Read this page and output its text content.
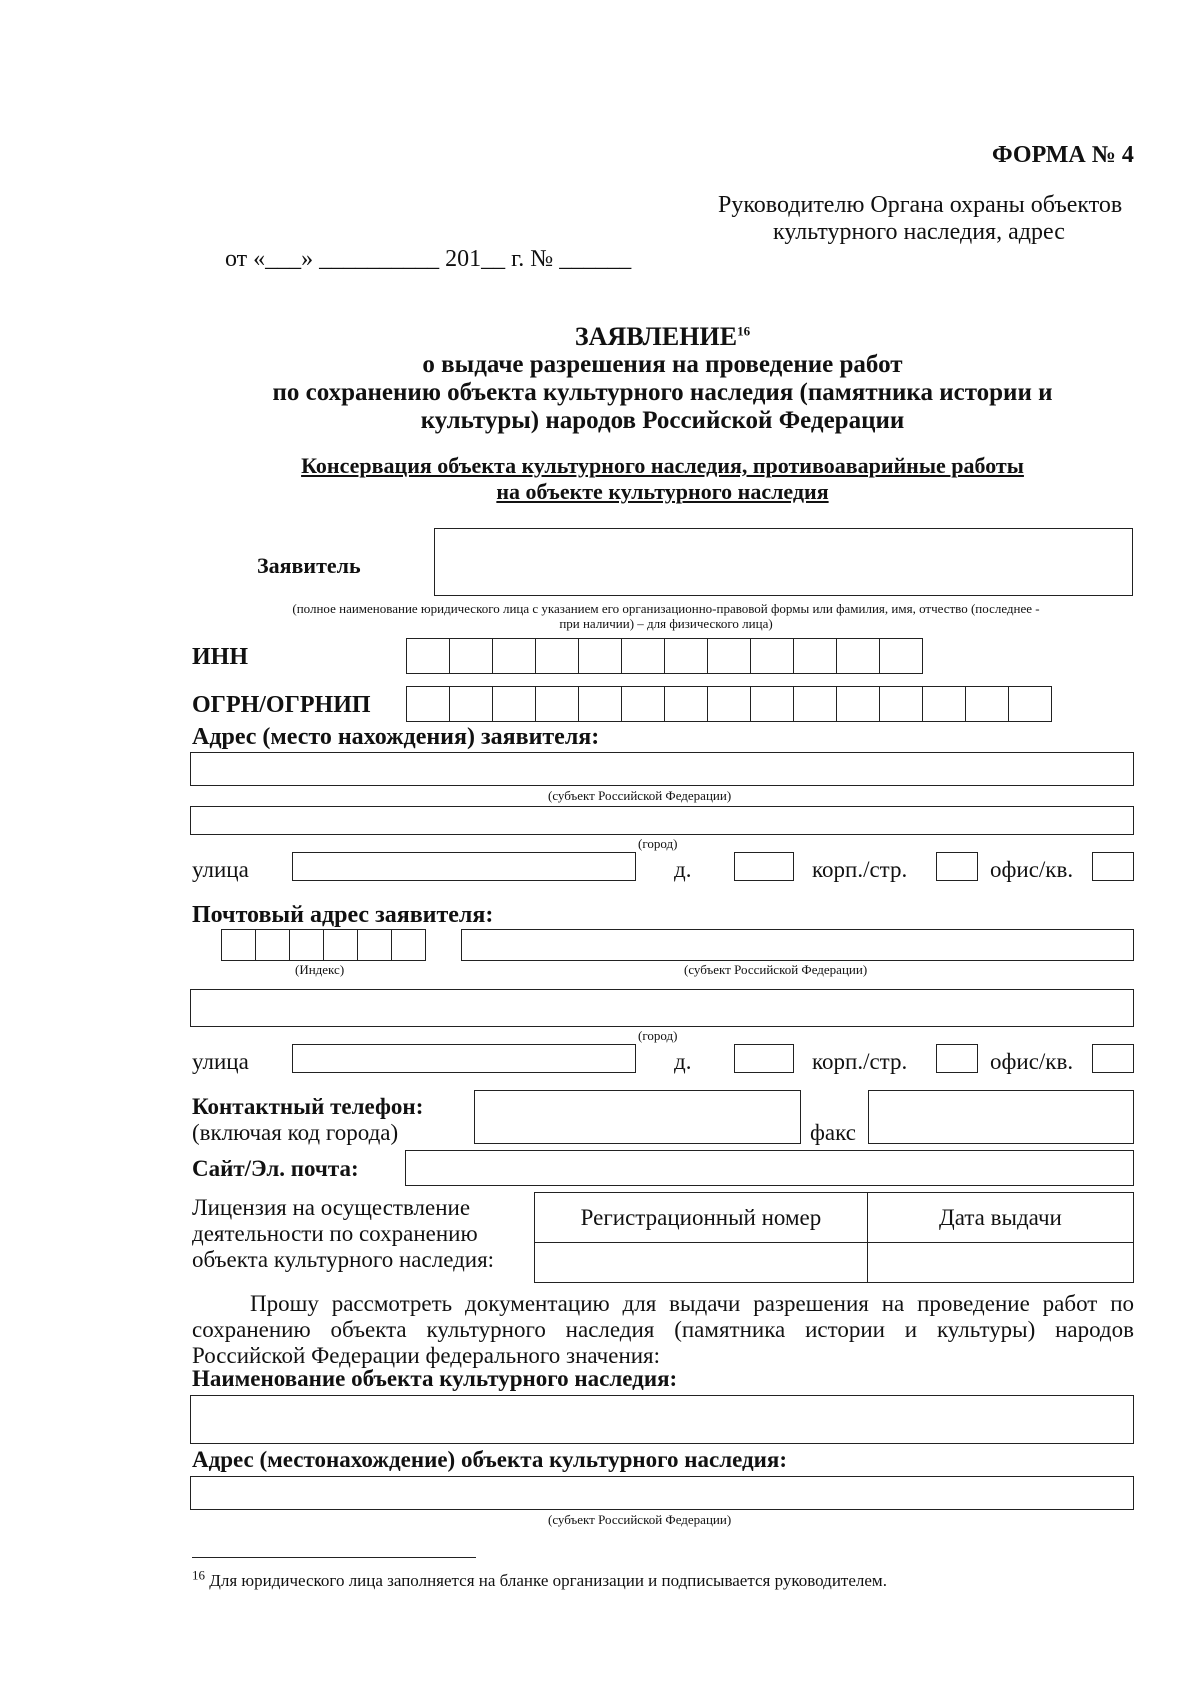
ФОРМА № 4
Руководителю Органа охраны объектов
культурного наследия, адрес
от «___» __________ 201__ г. № ______
ЗАЯВЛЕНИЕ$^{16}$
о выдаче разрешения на проведение работ
по сохранению объекта культурного наследия (памятника истории и
культуры) народов Российской Федерации
Консервация объекта культурного наследия, противоаварийные работы
на объекте культурного наследия
Заявитель
(полное наименование юридического лица с указанием его организационно-правовой формы или фамилия, имя, отчество (последнее -
при наличии) – для физического лица)
ИНН
ОГРН/ОГРНИП
Адрес (место нахождения) заявителя:
(субъект Российской Федерации)
(город)
улица	д.	корп./стр.	офис/кв.
Почтовый адрес заявителя:
(Индекс)	(субъект Российской Федерации)
(город)
улица	д.	корп./стр.	офис/кв.
Контактный телефон:
(включая код города)	факс
Сайт/Эл. почта:
Лицензия на осуществление
деятельности по сохранению
объекта культурного наследия:
Регистрационный номер	Дата выдачи

Прошу рассмотреть документацию для выдачи разрешения на проведение работ по
сохранению объекта культурного наследия (памятника истории и культуры) народов
Российской Федерации федерального значения:
Наименование объекта культурного наследия:
Адрес (местонахождение) объекта культурного наследия:
(субъект Российской Федерации)
$^{16}$ Для юридического лица заполняется на бланке организации и подписывается руководителем.
